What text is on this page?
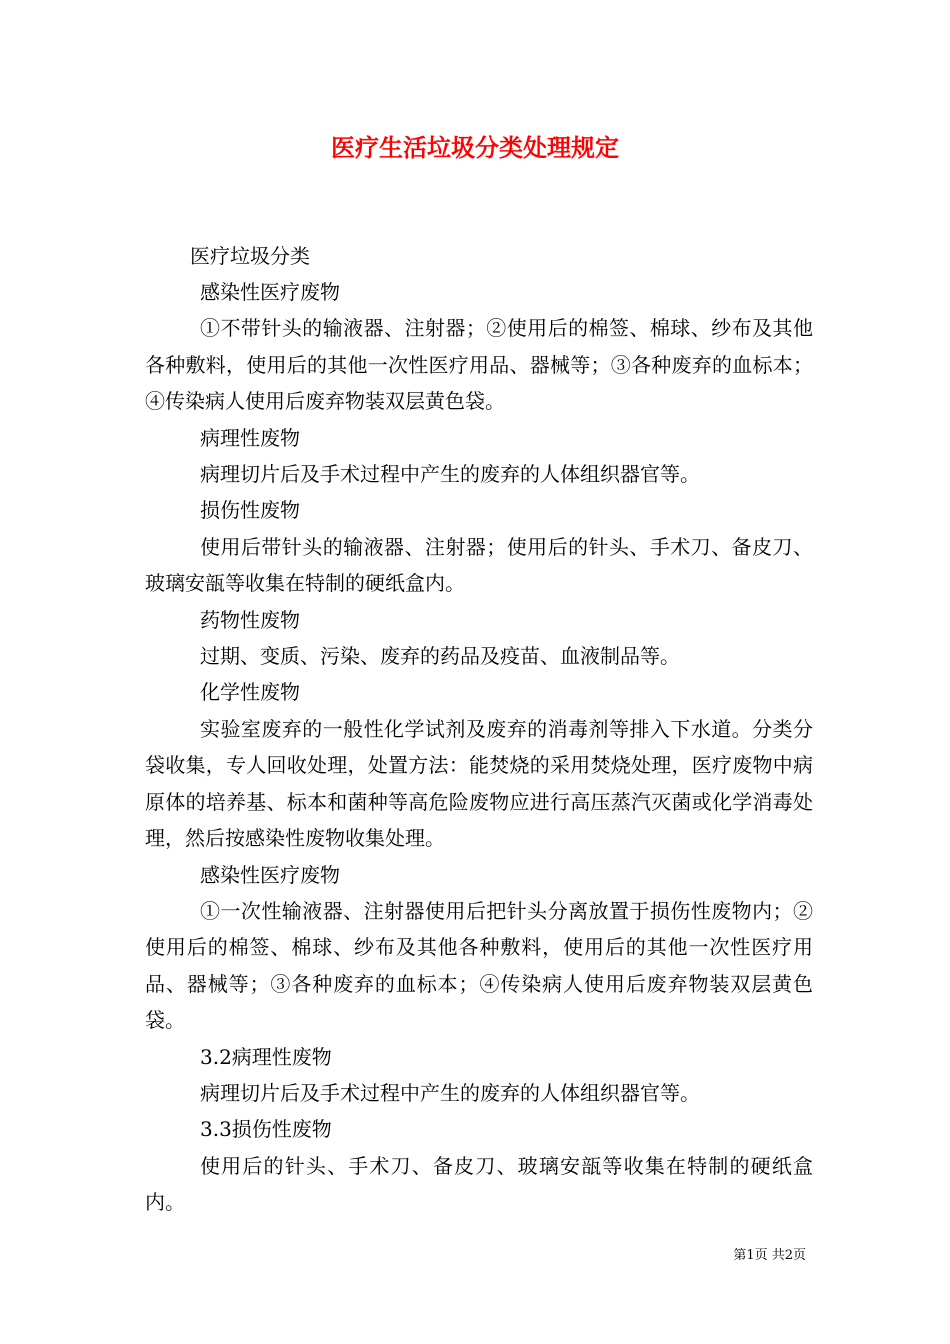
医疗生活垃圾分类处理规定
医疗垃圾分类

感染性医疗废物

①不带针头的输液器、注射器；②使用后的棉签、棉球、纱布及其他各种敷料，使用后的其他一次性医疗用品、器械等；③各种废弃的血标本；④传染病人使用后废弃物装双层黄色袋。

病理性废物

病理切片后及手术过程中产生的废弃的人体组织器官等。

损伤性废物

使用后带针头的输液器、注射器；使用后的针头、手术刀、备皮刀、玻璃安瓿等收集在特制的硬纸盒内。

药物性废物

过期、变质、污染、废弃的药品及疫苗、血液制品等。

化学性废物

实验室废弃的一般性化学试剂及废弃的消毒剂等排入下水道。分类分袋收集，专人回收处理，处置方法：能焚烧的采用焚烧处理，医疗废物中病原体的培养基、标本和菌种等高危险废物应进行高压蒸汽灭菌或化学消毒处理，然后按感染性废物收集处理。

感染性医疗废物

①一次性输液器、注射器使用后把针头分离放置于损伤性废物内；②使用后的棉签、棉球、纱布及其他各种敷料，使用后的其他一次性医疗用品、器械等；③各种废弃的血标本；④传染病人使用后废弃物装双层黄色袋。

3.2病理性废物

病理切片后及手术过程中产生的废弃的人体组织器官等。

3.3损伤性废物

使用后的针头、手术刀、备皮刀、玻璃安瓿等收集在特制的硬纸盒内。

第1页 共2页
